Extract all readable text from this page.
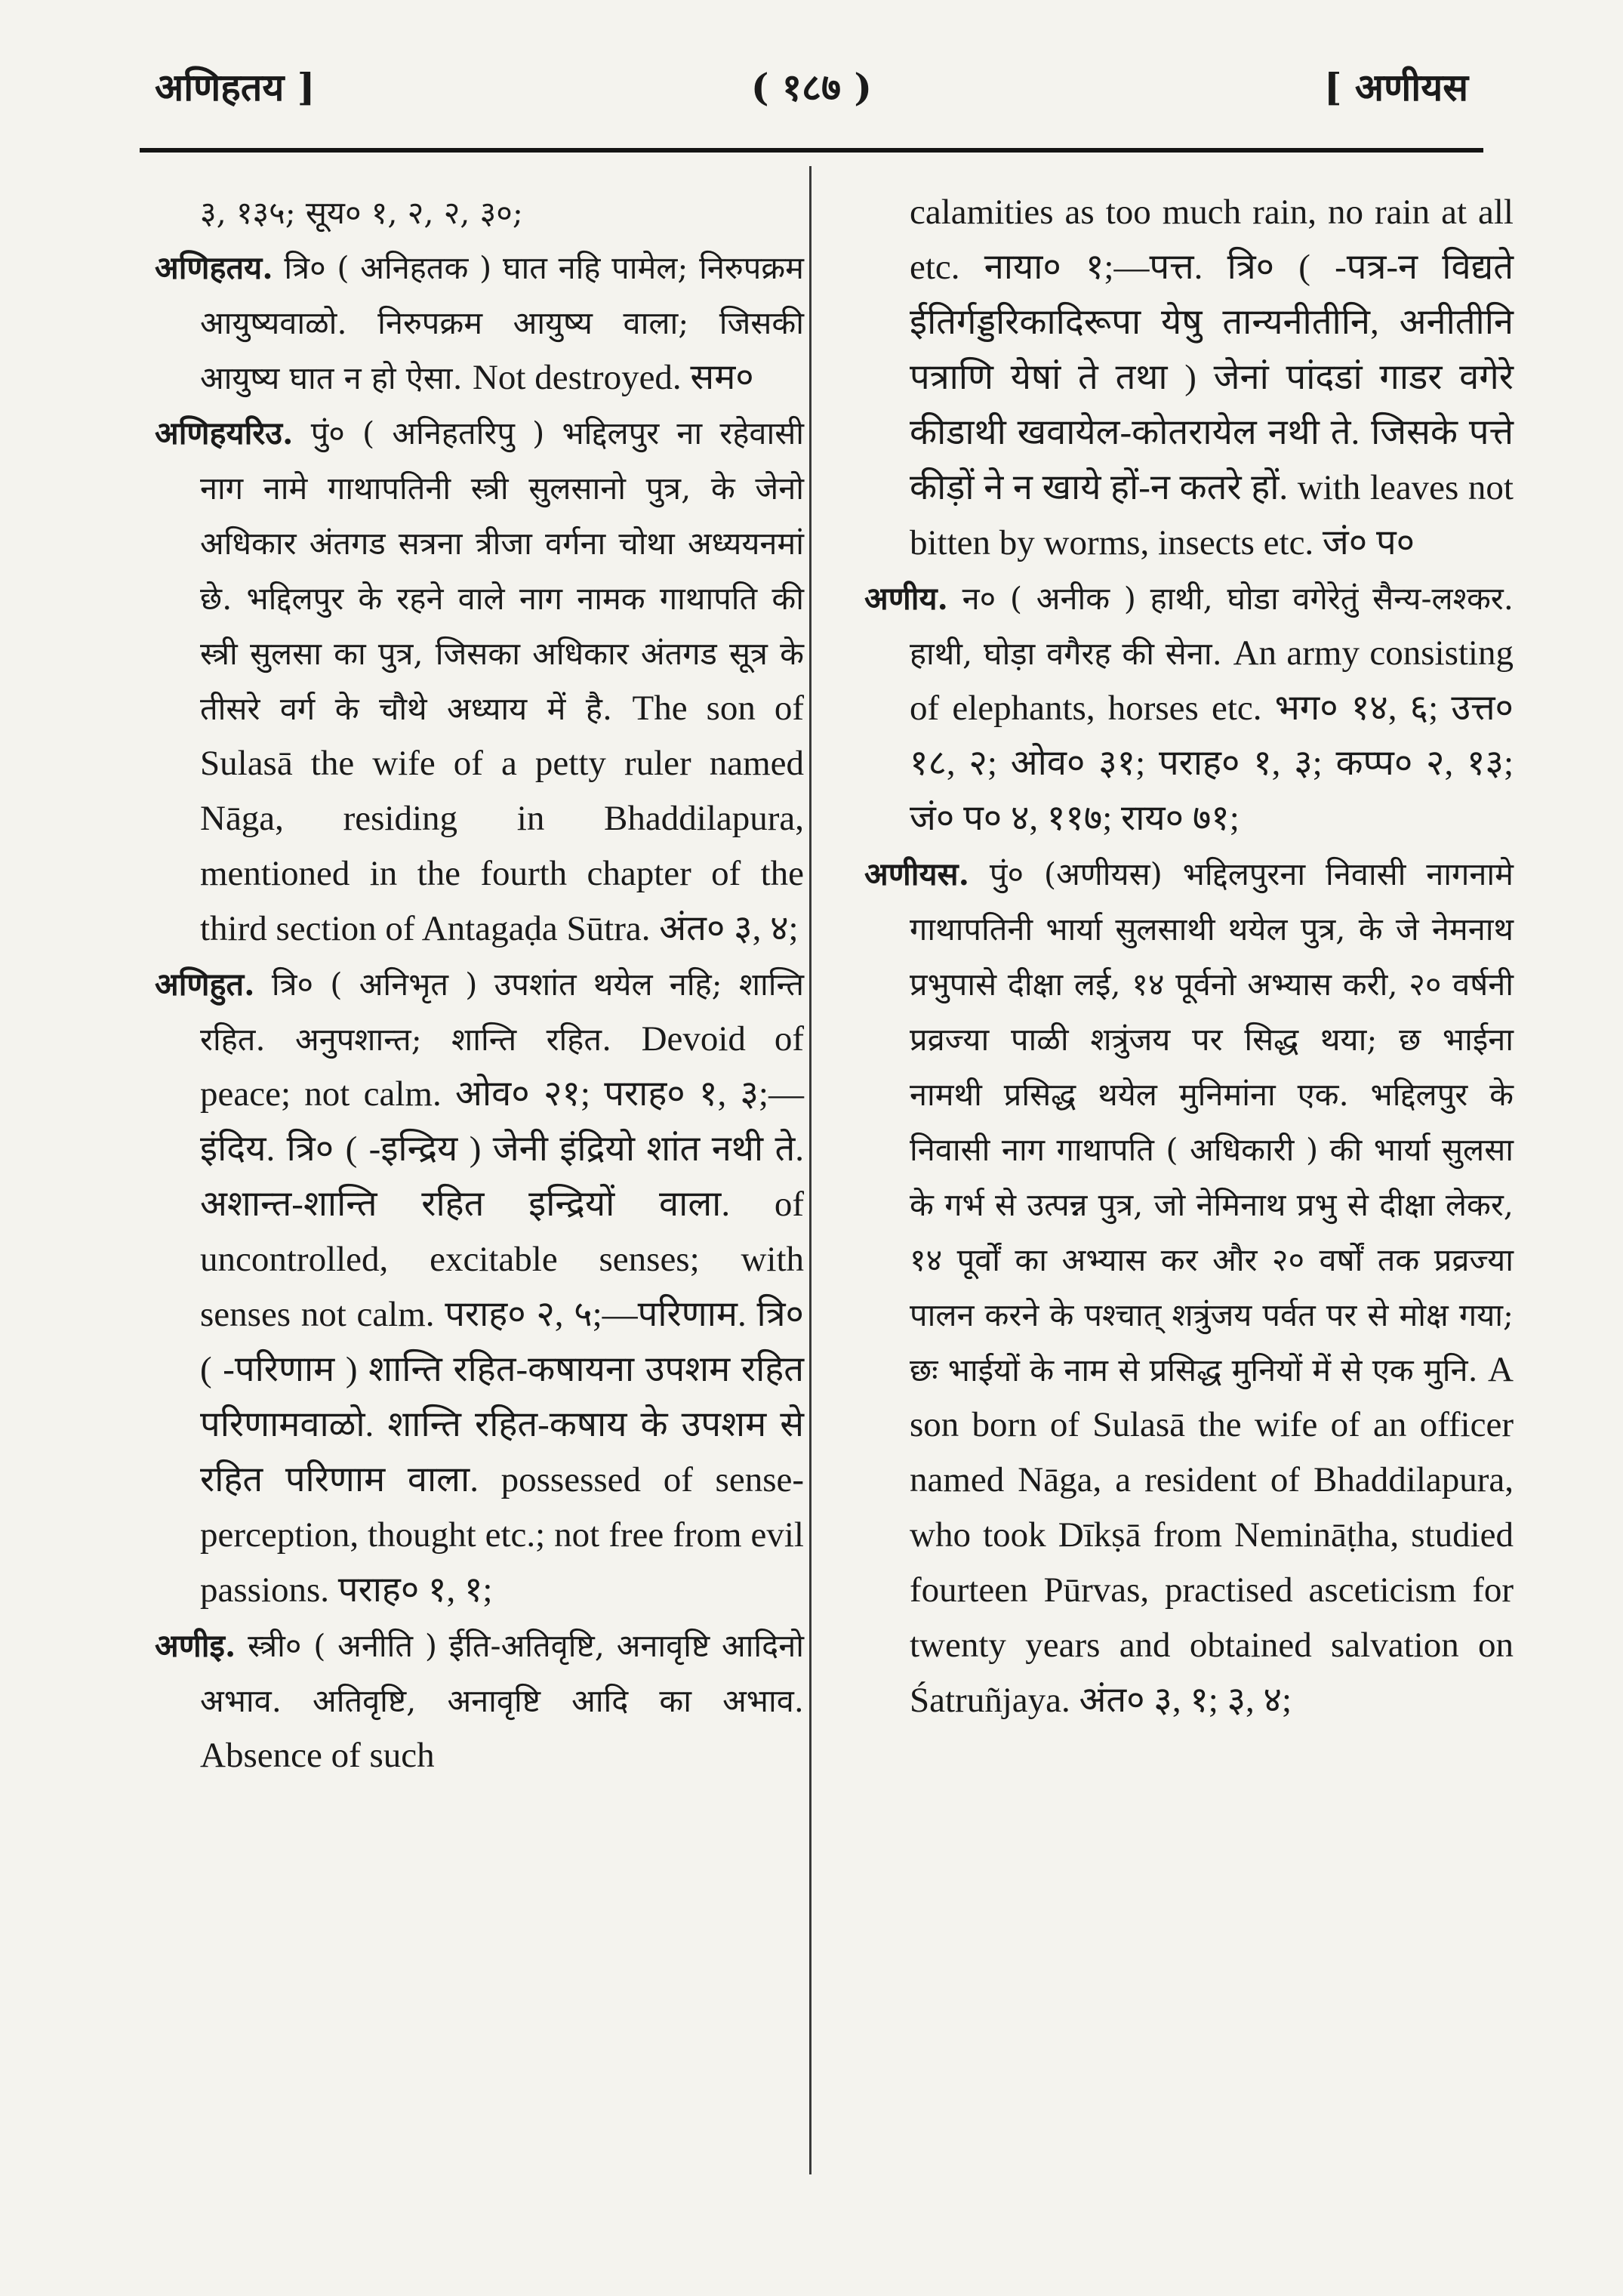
अणिहतय ]	( १८७ )	[ अणीयस

३, १३५; सूय० १, २, २, ३०;

अणिहतय. त्रि० ( अनिहतक ) घात नहि पामेल; निरुपक्रम आयुष्यवाळो. निरुपक्रम आयुष्य वाला; जिसकी आयुष्य घात न हो ऐसा. Not destroyed. सम०

अणिहयरिउ. पुं० ( अनिहतरिपु ) भद्दिलपुर ना रहेवासी नाग नामे गाथापतिनी स्त्री सुलसानो पुत्र, के जेनो अधिकार अंतगड सत्रना त्रीजा वर्गना चोथा अध्ययनमां छे. भद्दिलपुर के रहने वाले नाग नामक गाथापति की स्त्री सुलसा का पुत्र, जिसका अधिकार अंतगड सूत्र के तीसरे वर्ग के चौथे अध्याय में है. The son of Sulasā the wife of a petty ruler named Nāga, residing in Bhaddilapura, mentioned in the fourth chapter of the third section of Antagaḍa Sūtra. अंत० ३, ४;

अणिहुत. त्रि० ( अनिभृत ) उपशांत थयेल नहि; शान्ति रहित. अनुपशान्त; शान्ति रहित. Devoid of peace; not calm. ओव० २१; पराह० १, ३;—इंदिय. त्रि० ( -इन्द्रिय ) जेनी इंद्रियो शांत नथी ते. अशान्त-शान्ति रहित इन्द्रियों वाला. of uncontrolled, excitable senses; with senses not calm. पराह० २, ५;—परिणाम. त्रि० ( -परिणाम ) शान्ति रहित-कषायना उपशम रहित परिणामवाळो. शान्ति रहित-कषाय के उपशम से रहित परिणाम वाला. possessed of sense-perception, thought etc.; not free from evil passions. पराह० १, १;

अणीइ. स्त्री० ( अनीति ) ईति-अतिवृष्टि, अनावृष्टि आदिनो अभाव. अतिवृष्टि, अनावृष्टि आदि का अभाव. Absence of such

calamities as too much rain, no rain at all etc. नाया० १;—पत्त. त्रि० ( -पत्र-न विद्यते ईतिर्गड्डरिकादिरूपा येषु तान्यनीतीनि, अनीतीनि पत्राणि येषां ते तथा ) जेनां पांदडां गाडर वगेरे कीडाथी खवायेल-कोतरायेल नथी ते. जिसके पत्ते कीड़ों ने न खाये हों-न कतरे हों. with leaves not bitten by worms, insects etc. जं० प०

अणीय. न० ( अनीक ) हाथी, घोडा वगेरेतुं सैन्य-लश्कर. हाथी, घोड़ा वगैरह की सेना. An army consisting of elephants, horses etc. भग० १४, ६; उत्त० १८, २; ओव० ३१; पराह० १, ३; कप्प० २, १३; जं० प० ४, ११७; राय० ७१;

अणीयस. पुं० (अणीयस) भद्दिलपुरना निवासी नागनामे गाथापतिनी भार्या सुलसाथी थयेल पुत्र, के जे नेमनाथ प्रभुपासे दीक्षा लई, १४ पूर्वनो अभ्यास करी, २० वर्षनी प्रव्रज्या पाळी शत्रुंजय पर सिद्ध थया; छ भाईना नामथी प्रसिद्ध थयेल मुनिमांना एक. भद्दिलपुर के निवासी नाग गाथापति ( अधिकारी ) की भार्या सुलसा के गर्भ से उत्पन्न पुत्र, जो नेमिनाथ प्रभु से दीक्षा लेकर, १४ पूर्वों का अभ्यास कर और २० वर्षों तक प्रव्रज्या पालन करने के पश्चात् शत्रुंजय पर्वत पर से मोक्ष गया; छः भाईयों के नाम से प्रसिद्ध मुनियों में से एक मुनि. A son born of Sulasā the wife of an officer named Nāga, a resident of Bhaddilapura, who took Dīkṣā from Nemināṭha, studied fourteen Pūrvas, practised asceticism for twenty years and obtained salvation on Śatruñjaya. अंत० ३, १; ३, ४;
